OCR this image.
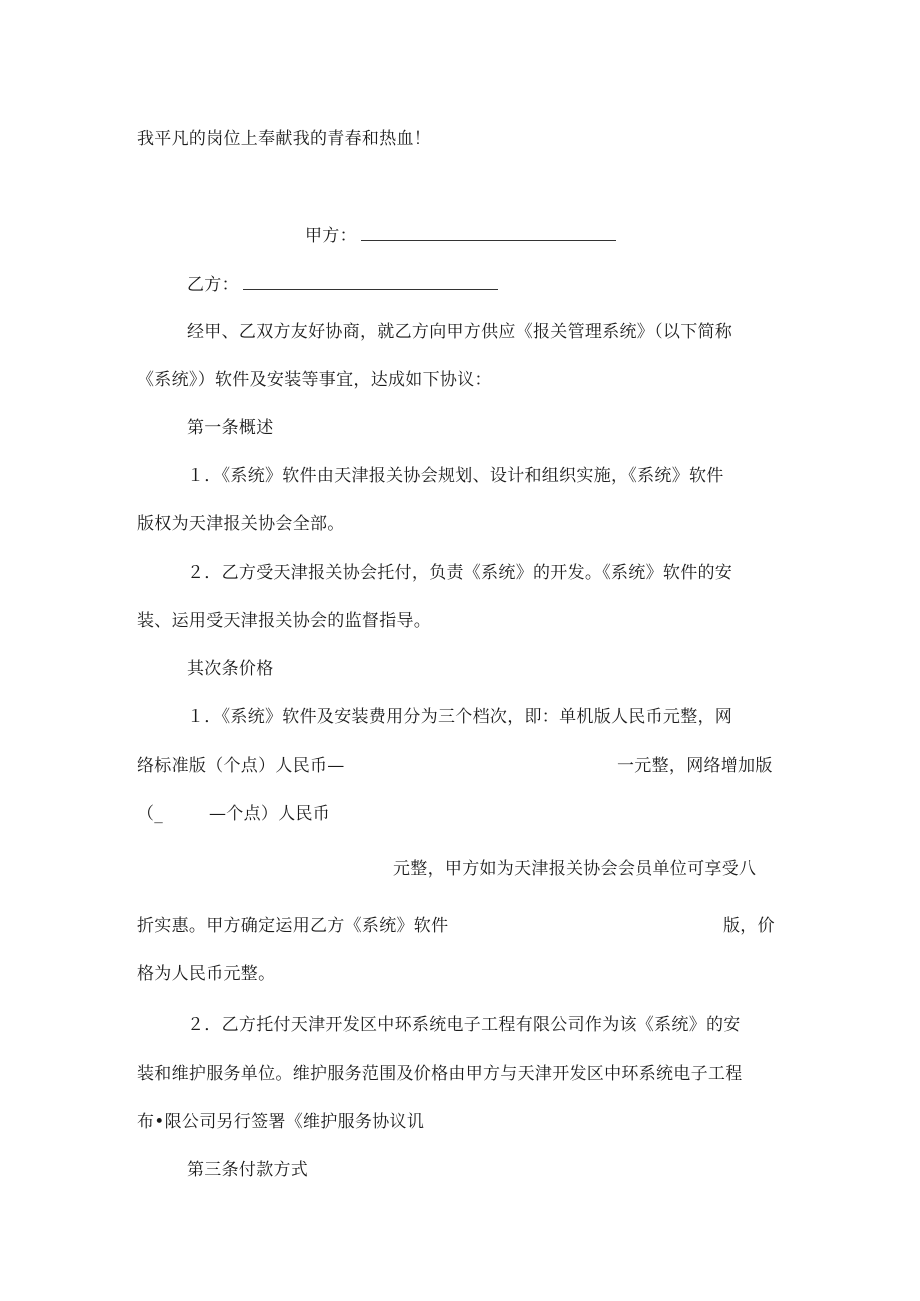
我平凡的岗位上奉献我的青春和热血！
甲方：
乙方：
经甲、乙双方友好协商，就乙方向甲方供应《报关管理系统》（以下简称
《系统》）软件及安装等事宜，达成如下协议：
第一条概述
１．《系统》软件由天津报关协会规划、设计和组织实施，《系统》软件
版权为天津报关协会全部。
２．乙方受天津报关协会托付，负责《系统》的开发。《系统》软件的安
装、运用受天津报关协会的监督指导。
其次条价格
１．《系统》软件及安装费用分为三个档次，即：单机版人民币元整，网
络标准版（个点）人民币—	一元整，网络增加版
（_	—个点）人民币
元整，甲方如为天津报关协会会员单位可享受八
折实惠。甲方确定运用乙方《系统》软件	版，价
格为人民币元整。
２．乙方托付天津开发区中环系统电子工程有限公司作为该《系统》的安
装和维护服务单位。维护服务范围及价格由甲方与天津开发区中环系统电子工程
布•限公司另行签署《维护服务协议讥
第三条付款方式
